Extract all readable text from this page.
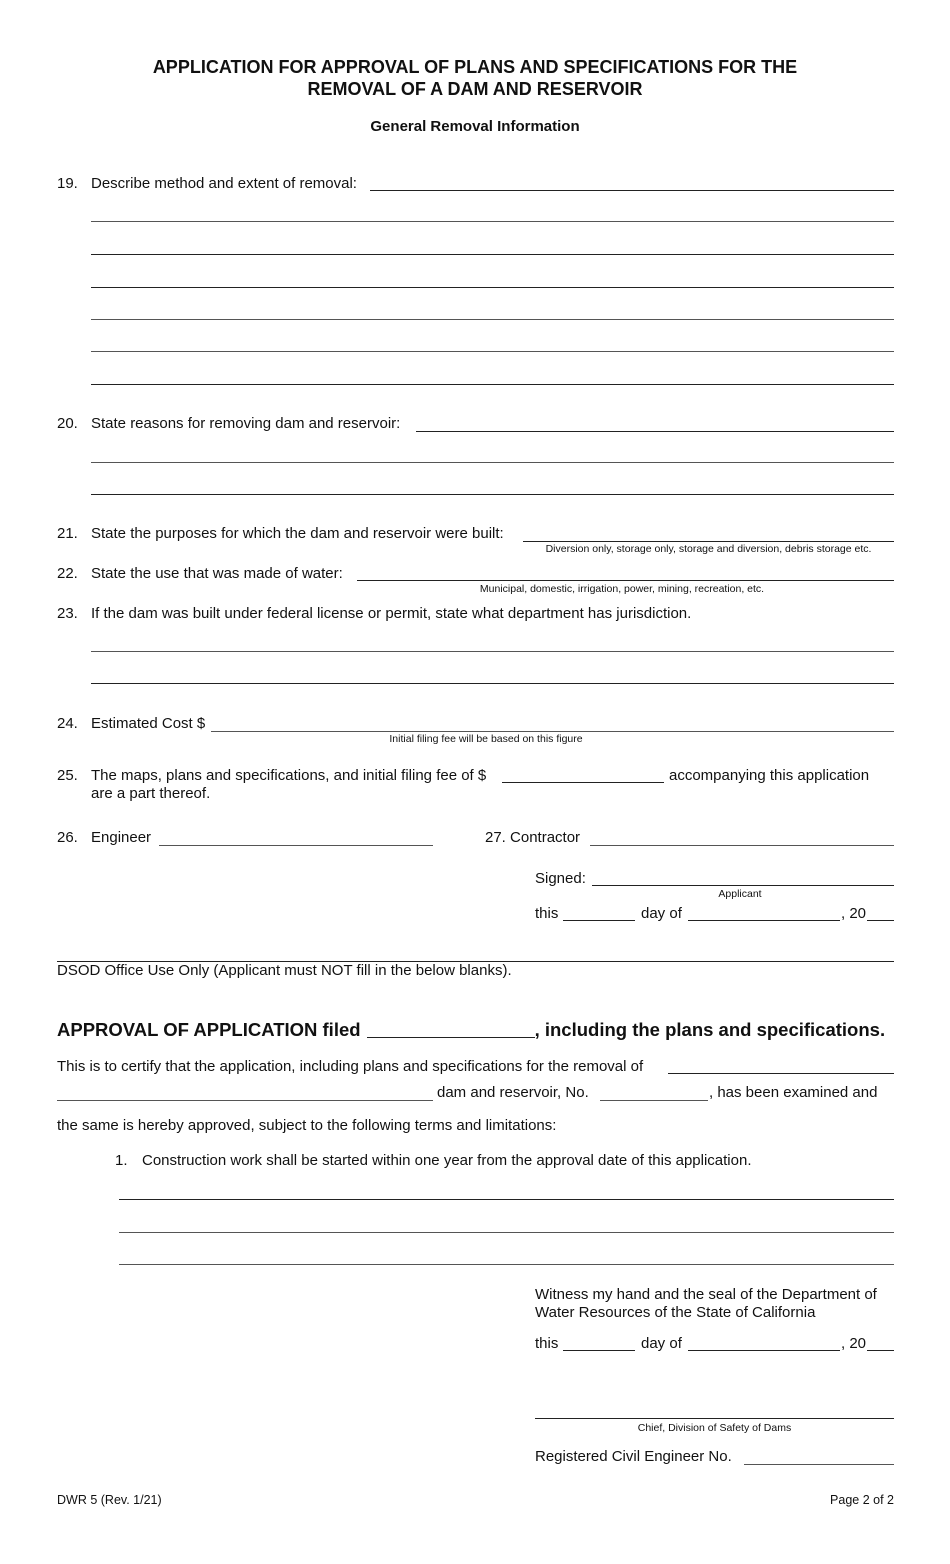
APPLICATION FOR APPROVAL OF PLANS AND SPECIFICATIONS FOR THE
REMOVAL OF A DAM AND RESERVOIR
General Removal Information
19. Describe method and extent of removal:
20. State reasons for removing dam and reservoir:
21. State the purposes for which the dam and reservoir were built:
Diversion only, storage only, storage and diversion, debris storage etc.
22. State the use that was made of water:
Municipal, domestic, irrigation, power, mining, recreation, etc.
23. If the dam was built under federal license or permit, state what department has jurisdiction.
24. Estimated Cost $
Initial filing fee will be based on this figure
25. The maps, plans and specifications, and initial filing fee of $	accompanying this application
are a part thereof.
26. Engineer	27. Contractor
Signed:
Applicant
this	day of	, 20
DSOD Office Use Only (Applicant must NOT fill in the below blanks).
APPROVAL OF APPLICATION filed	, including the plans and specifications.
This is to certify that the application, including plans and specifications for the removal of
dam and reservoir, No.	, has been examined and
the same is hereby approved, subject to the following terms and limitations:
1. Construction work shall be started within one year from the approval date of this application.
Witness my hand and the seal of the Department of
Water Resources of the State of California
this	day of	, 20
Chief, Division of Safety of Dams
Registered Civil Engineer No.
DWR 5 (Rev. 1/21)	Page 2 of 2
